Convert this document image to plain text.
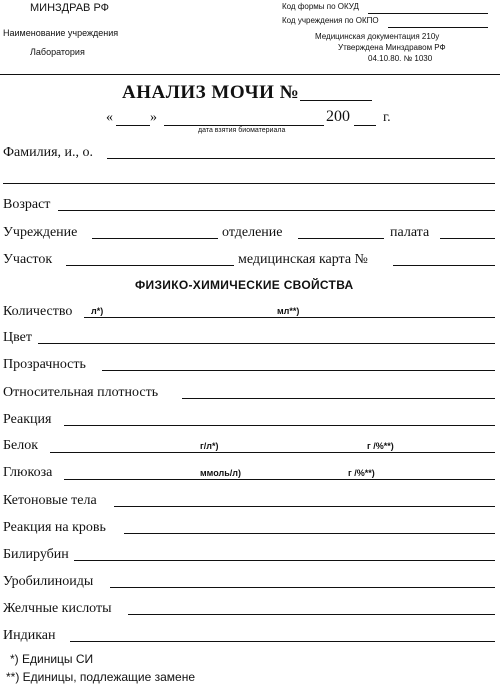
МИНЗДРАВ РФ
Наименование учреждения
Лаборатория
Код формы по ОКУД
Код учреждения по ОКПО
Медицинская документация 210у
Утверждена Минздравом РФ
04.10.80. № 1030
АНАЛИЗ МОЧИ №
«	»	200 г.
дата взятия биоматериала
Фамилия, и., о.
Возраст
Учреждение	отделение	палата
Участок	медицинская карта №
ФИЗИКО-ХИМИЧЕСКИЕ СВОЙСТВА
Количество л*)	мл**)
Цвет
Прозрачность
Относительная плотность
Реакция
Белок	г/л*)	г /%**)
Глюкоза	ммоль/л)	г /%**)
Кетоновые тела
Реакция на кровь
Билирубин
Уробилиноиды
Желчные кислоты
Индикан
*) Единицы СИ
**) Единицы, подлежащие замене
